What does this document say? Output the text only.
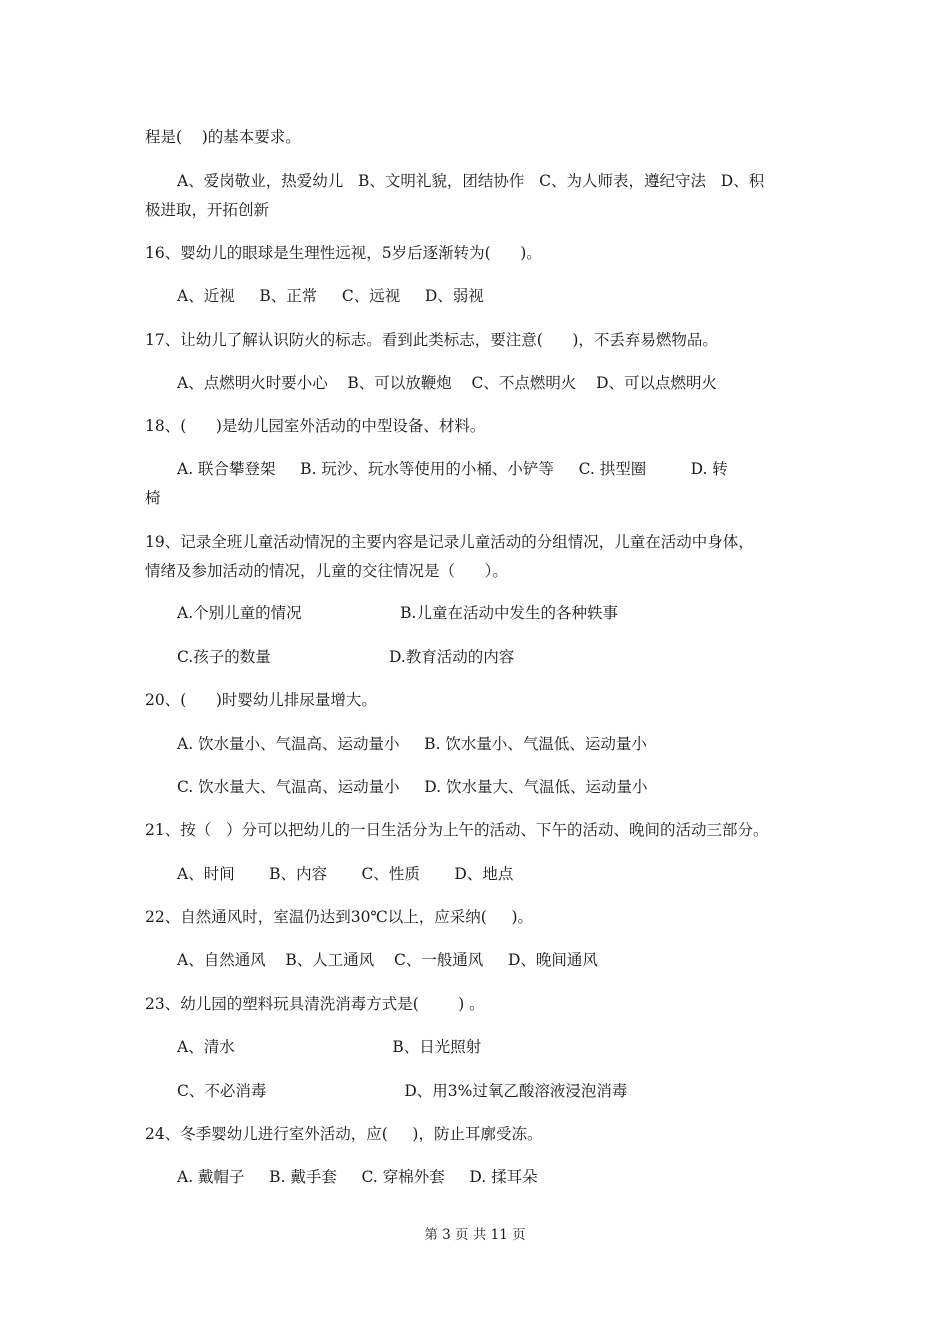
程是(    )的基本要求。
A、爱岗敬业，热爱幼儿   B、文明礼貌，团结协作   C、为人师表，遵纪守法   D、积
极进取，开拓创新
16、婴幼儿的眼球是生理性远视，5岁后逐渐转为(      )。
A、近视     B、正常     C、远视     D、弱视
17、让幼儿了解认识防火的标志。看到此类标志，要注意(      )，不丢弃易燃物品。
A、点燃明火时要小心    B、可以放鞭炮    C、不点燃明火    D、可以点燃明火
18、(      )是幼儿园室外活动的中型设备、材料。
A. 联合攀登架     B. 玩沙、玩水等使用的小桶、小铲等     C. 拱型圈         D. 转
椅
19、记录全班儿童活动情况的主要内容是记录儿童活动的分组情况，儿童在活动中身体，
情绪及参加活动的情况，儿童的交往情况是（      ）。
A.个别儿童的情况                    B.儿童在活动中发生的各种轶事
C.孩子的数量                        D.教育活动的内容
20、(      )时婴幼儿排尿量增大。
A. 饮水量小、气温高、运动量小     B. 饮水量小、气温低、运动量小
C. 饮水量大、气温高、运动量小     D. 饮水量大、气温低、运动量小
21、按（   ）分可以把幼儿的一日生活分为上午的活动、下午的活动、晚间的活动三部分。
A、时间       B、内容       C、性质       D、地点
22、自然通风时，室温仍达到30℃以上，应采纳(     )。
A、自然通风    B、人工通风    C、一般通风     D、晚间通风
23、幼儿园的塑料玩具清洗消毒方式是(        ) 。
A、清水                                B、日光照射
C、不必消毒                            D、用3%过氧乙酸溶液浸泡消毒
24、冬季婴幼儿进行室外活动，应(     )，防止耳廓受冻。
A. 戴帽子     B. 戴手套     C. 穿棉外套     D. 揉耳朵
第 3 页 共 11 页
